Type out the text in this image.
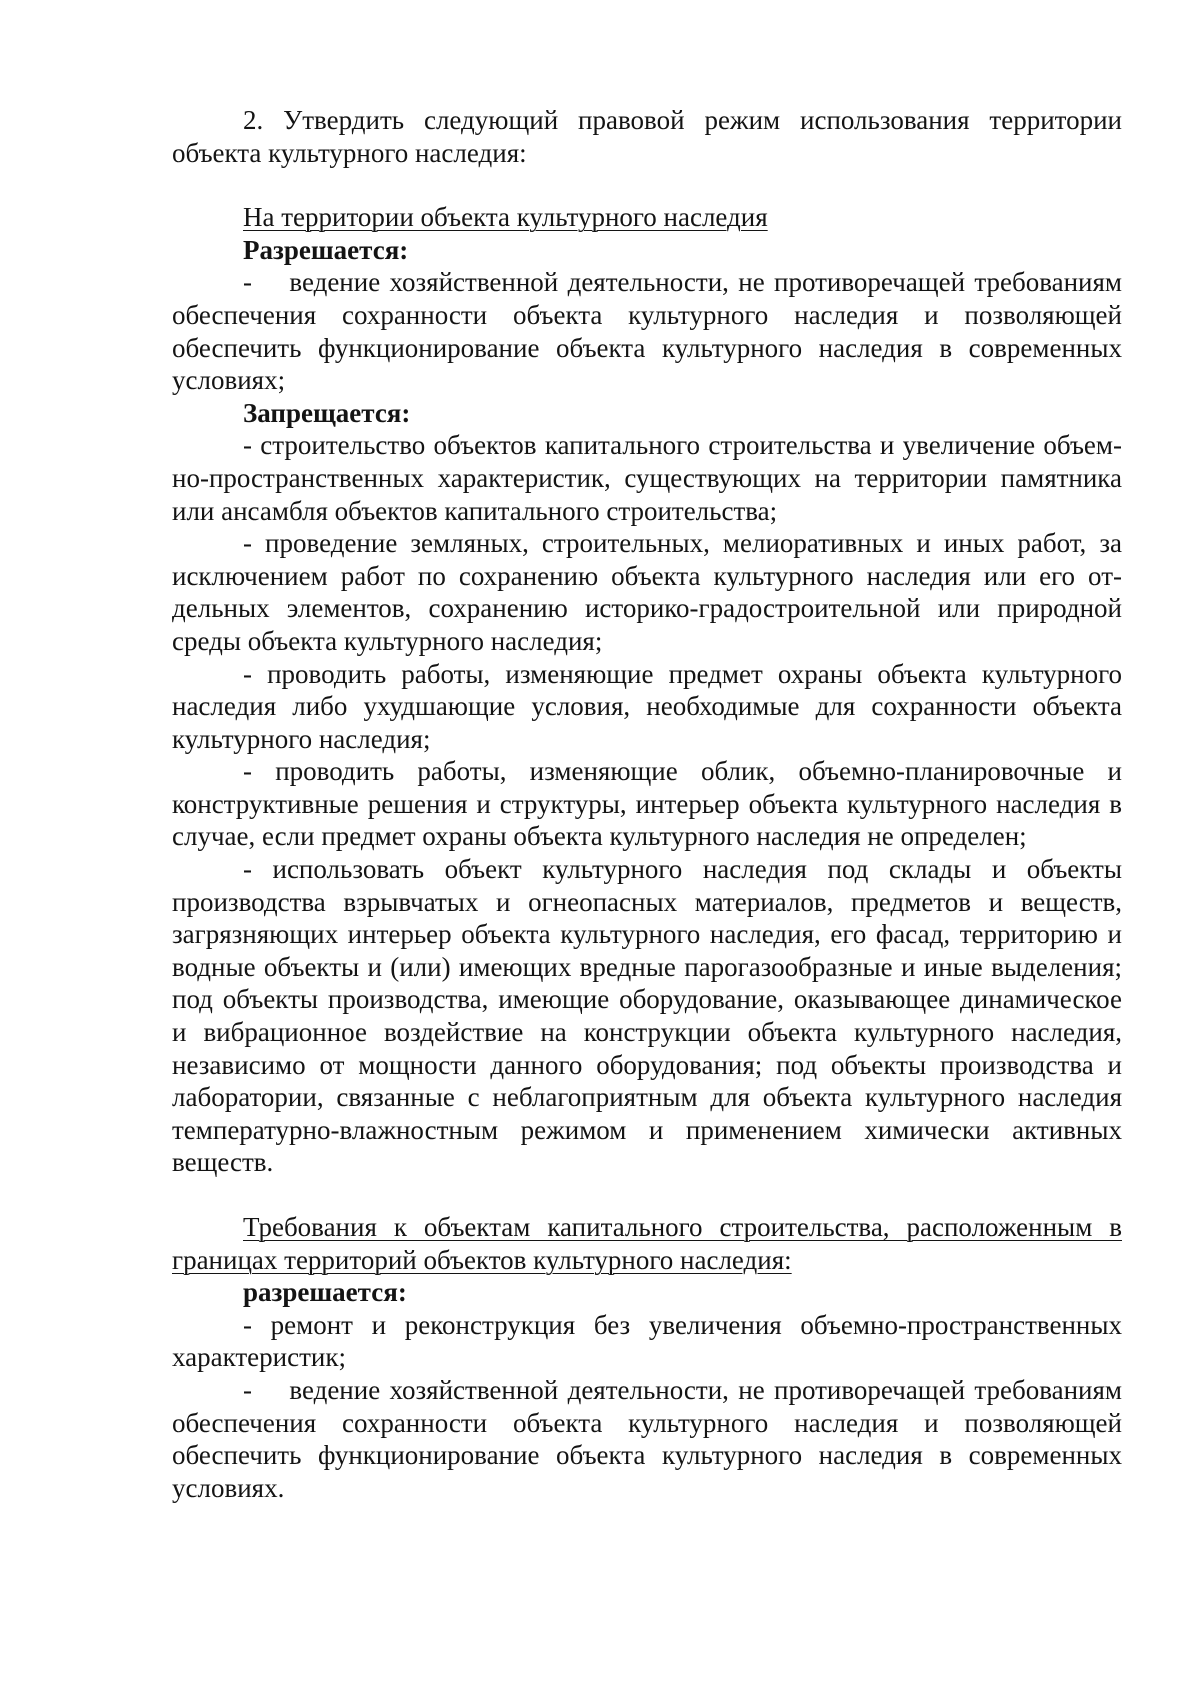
2. Утвердить следующий правовой режим использования территории объекта культурного наследия:

На территории объекта культурного наследия

Разрешается:

-    ведение хозяйственной деятельности, не противоречащей требованиям обеспечения сохранности объекта культурного наследия и позволяющей обеспечить функционирование объекта культурного наследия в современных условиях;

Запрещается:

- строительство объектов капитального строительства и увеличение объем-но-пространственных характеристик, существующих на территории памятника или ансамбля объектов капитального строительства;

- проведение земляных, строительных, мелиоративных и иных работ, за исключением работ по сохранению объекта культурного наследия или его от-дельных элементов, сохранению историко-градостроительной или природной среды объекта культурного наследия;

- проводить работы, изменяющие предмет охраны объекта культурного наследия либо ухудшающие условия, необходимые для сохранности объекта культурного наследия;

- проводить работы, изменяющие облик, объемно-планировочные и конструктивные решения и структуры, интерьер объекта культурного наследия в случае, если предмет охраны объекта культурного наследия не определен;

- использовать объект культурного наследия под склады и объекты производства взрывчатых и огнеопасных материалов, предметов и веществ, загрязняющих интерьер объекта культурного наследия, его фасад, территорию и водные объекты и (или) имеющих вредные парогазообразные и иные выделения; под объекты производства, имеющие оборудование, оказывающее динамическое и вибрационное воздействие на конструкции объекта культурного наследия, независимо от мощности данного оборудования; под объекты производства и лаборатории, связанные с неблагоприятным для объекта культурного наследия температурно-влажностным режимом и применением химически активных веществ.

Требования к объектам капитального строительства, расположенным в границах территорий объектов культурного наследия:

разрешается:

- ремонт и реконструкция без увеличения объемно-пространственных характеристик;

-    ведение хозяйственной деятельности, не противоречащей требованиям обеспечения сохранности объекта культурного наследия и позволяющей обеспечить функционирование объекта культурного наследия в современных условиях.
